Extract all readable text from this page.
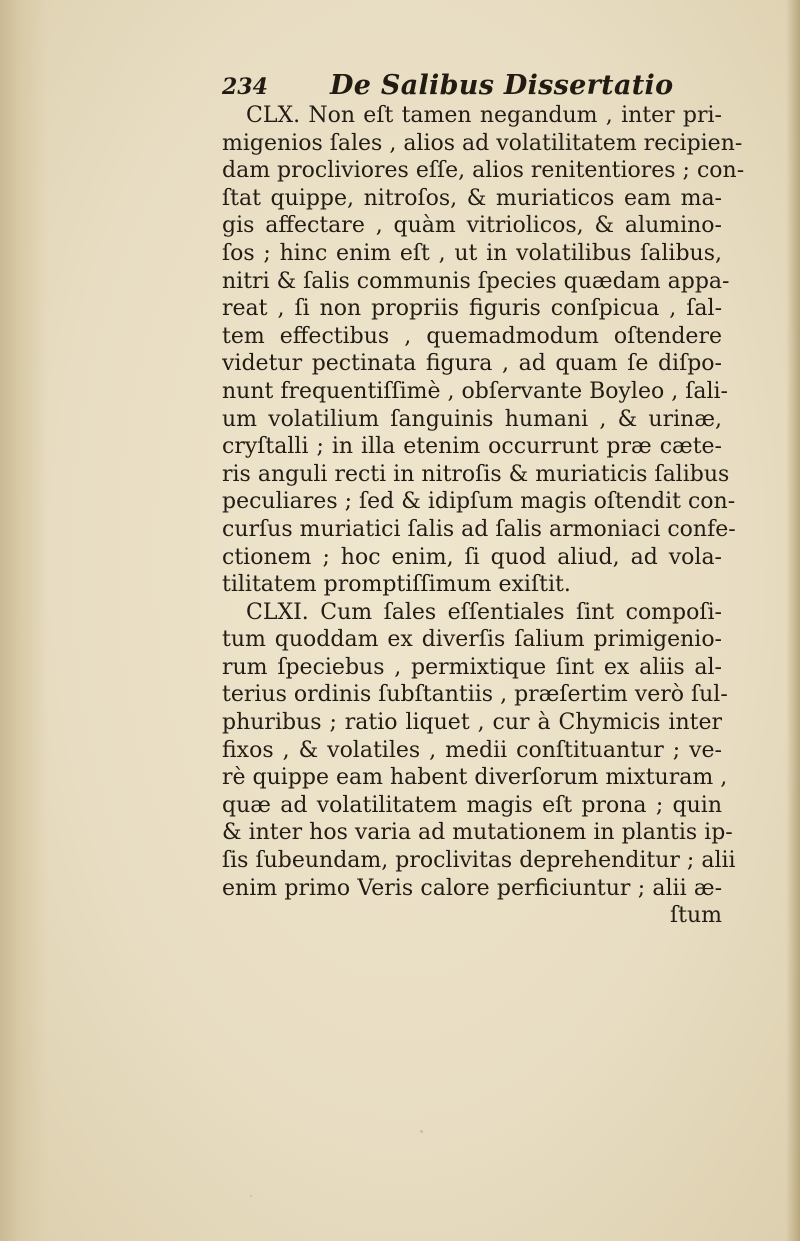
234 De Salibus Dissertatio
CLX. Non eſt tamen negandum , inter pri-
migenios ſales , alios ad volatilitatem recipien-
dam procliviores eſſe, alios renitentiores ; con-
ſtat quippe, nitroſos, & muriaticos eam ma-
gis affectare , quàm vitriolicos, & alumino-
ſos ; hinc enim eſt , ut in volatilibus ſalibus,
nitri & ſalis communis ſpecies quædam appa-
reat , ſi non propriis figuris conſpicua , ſal-
tem effectibus , quemadmodum oſtendere
videtur pectinata figura , ad quam ſe diſpo-
nunt frequentiſſimè , obſervante Boyleo , ſali-
um volatilium ſanguinis humani , & urinæ,
cryſtalli ; in illa etenim occurrunt præ cæte-
ris anguli recti in nitroſis & muriaticis ſalibus
peculiares ; ſed & idipſum magis oſtendit con-
curſus muriatici ſalis ad ſalis armoniaci confe-
ctionem ; hoc enim, ſi quod aliud, ad vola-
tilitatem promptiſſimum exiſtit.
CLXI. Cum ſales eſſentiales ſint compoſi-
tum quoddam ex diverſis ſalium primigenio-
rum ſpeciebus , permixtique ſint ex aliis al-
terius ordinis ſubſtantiis , præſertim verò ſul-
phuribus ; ratio liquet , cur à Chymicis inter
fixos , & volatiles , medii conſtituantur ; ve-
rè quippe eam habent diverſorum mixturam ,
quæ ad volatilitatem magis eſt prona ; quin
& inter hos varia ad mutationem in plantis ip-
ſis ſubeundam, proclivitas deprehenditur ; alii
enim primo Veris calore perficiuntur ; alii æ-
ſtum
